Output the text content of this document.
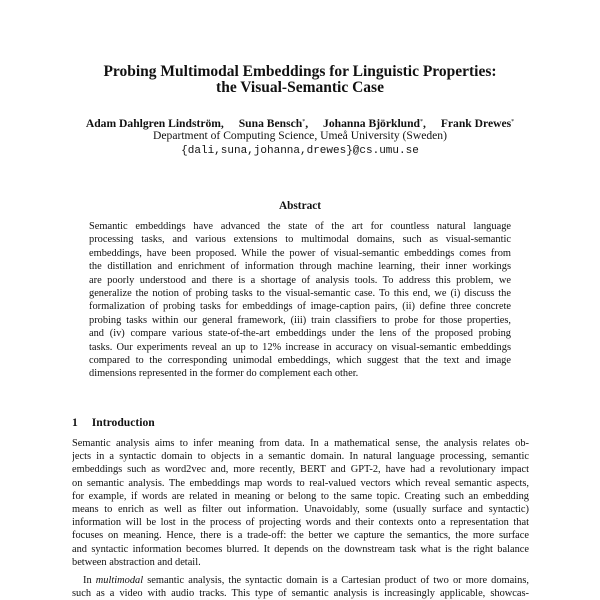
Probing Multimodal Embeddings for Linguistic Properties:
the Visual-Semantic Case
Adam Dahlgren Lindström, Suna Bensch*, Johanna Björklund*, Frank Drewes*
Department of Computing Science, Umeå University (Sweden)
{dali,suna,johanna,drewes}@cs.umu.se
Abstract
Semantic embeddings have advanced the state of the art for countless natural language
processing tasks, and various extensions to multimodal domains, such as visual-semantic
embeddings, have been proposed. While the power of visual-semantic embeddings comes from
the distillation and enrichment of information through machine learning, their inner workings
are poorly understood and there is a shortage of analysis tools. To address this problem, we
generalize the notion of probing tasks to the visual-semantic case. To this end, we (i) discuss the
formalization of probing tasks for embeddings of image-caption pairs, (ii) define three concrete
probing tasks within our general framework, (iii) train classifiers to probe for those properties,
and (iv) compare various state-of-the-art embeddings under the lens of the proposed probing
tasks. Our experiments reveal an up to 12% increase in accuracy on visual-semantic embeddings
compared to the corresponding unimodal embeddings, which suggest that the text and image
dimensions represented in the former do complement each other.
1 Introduction
Semantic analysis aims to infer meaning from data. In a mathematical sense, the analysis relates ob-
jects in a syntactic domain to objects in a semantic domain. In natural language processing, semantic
embeddings such as word2vec and, more recently, BERT and GPT-2, have had a revolutionary impact
on semantic analysis. The embeddings map words to real-valued vectors which reveal semantic aspects,
for example, if words are related in meaning or belong to the same topic. Creating such an embedding
means to enrich as well as filter out information. Unavoidably, some (usually surface and syntactic)
information will be lost in the process of projecting words and their contexts onto a representation that
focuses on meaning. Hence, there is a trade-off: the better we capture the semantics, the more surface
and syntactic information becomes blurred. It depends on the downstream task what is the right balance
between abstraction and detail.
In multimodal semantic analysis, the syntactic domain is a Cartesian product of two or more domains,
such as a video with audio tracks. This type of semantic analysis is increasingly applicable, showcas-
